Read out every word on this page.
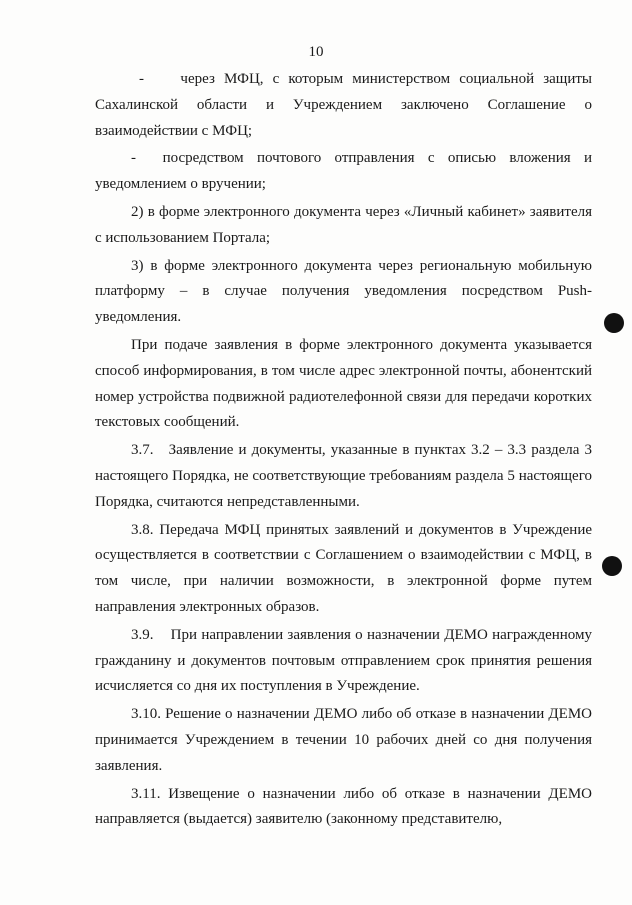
10

-    через МФЦ, с которым министерством социальной защиты Сахалинской области и Учреждением заключено Соглашение о взаимодействии с МФЦ;

-  посредством почтового отправления с описью вложения и уведомлением о вручении;

2) в форме электронного документа через «Личный кабинет» заявителя с использованием Портала;

3) в форме электронного документа через региональную мобильную платформу – в случае получения уведомления посредством Push-уведомления.

При подаче заявления в форме электронного документа указывается способ информирования, в том числе адрес электронной почты, абонентский номер устройства подвижной радиотелефонной связи для передачи коротких текстовых сообщений.

3.7.   Заявление и документы, указанные в пунктах 3.2 – 3.3 раздела 3 настоящего Порядка, не соответствующие требованиям раздела 5 настоящего Порядка, считаются непредставленными.

3.8. Передача МФЦ принятых заявлений и документов в Учреждение осуществляется в соответствии с Соглашением о взаимодействии с МФЦ, в том числе, при наличии возможности, в электронной форме путем направления электронных образов.

3.9.    При направлении заявления о назначении ДЕМО награжденному гражданину и документов почтовым отправлением срок принятия решения исчисляется со дня их поступления в Учреждение.

3.10. Решение о назначении ДЕМО либо об отказе в назначении ДЕМО принимается Учреждением в течении 10 рабочих дней со дня получения заявления.

3.11. Извещение о назначении либо об отказе в назначении ДЕМО направляется (выдается) заявителю (законному представителю,
